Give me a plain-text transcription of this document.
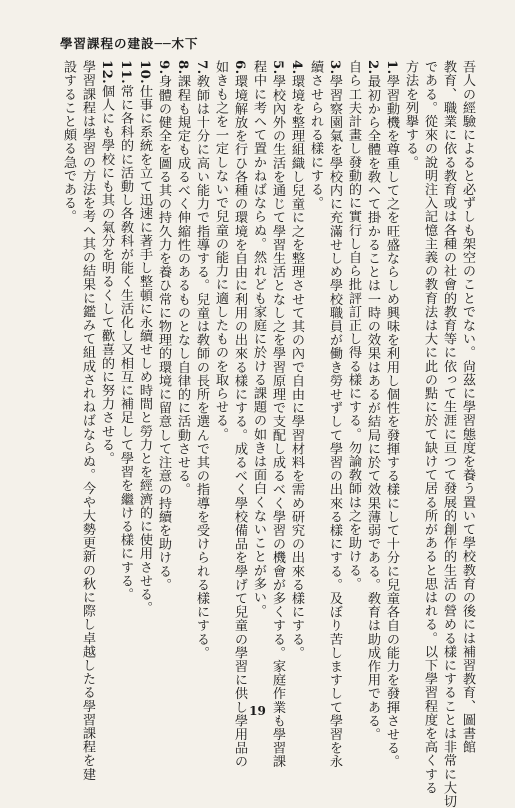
學習課程の建設──木下
吾人の經驗によると必ずしも架空のことでない。尙茲に學習態度を養う置いて學校教育の後には補習教育、圖書館
教育、職業に依る教育或は各種の社會的教育等に依って生涯に亘つて發展的創作的生活の營める樣にすることは非常に大切
である。從來の說明注入記憶主義の教育法は大に此の點に於て缺けて居る所があると思はれる。以下學習程度を高くする
方法を列擧する。
1.學習動機を尊重して之を旺盛ならしめ興味を利用し個性を發揮する樣にして十分に兒童各自の能力を發揮させる。
2.最初から全體を敎へて掛かることは一時の效果はあるが結局に於て效果薄弱である。敎育は助成作用である。
自ら工夫計畫し發動的に實行し自ら批評訂正し得る樣にする。勿論敎師は之を助ける。
3.學習察園氣を學校内に充滿せしめ學校職員が働き勞せずして學習の出來る樣にする。及ぼり苦しますして學習を永
續させられる樣にする。
4.環境を整理組織し兒童に之を整理させて其の內で自由に學習材料を需め研究の出來る樣にする。
5.學校內外の生活を通じて學習生活となし之を學習原理で支配し成るべく學習の機會が多くする。家庭作業も學習課
程中に考へて置かねばならぬ。然れども家庭に於ける課題の如きは面白くないことが多い。
6.環境解放を行ひ各種の環境を自由に利用の出來る樣にする。成るべく學校備品を學げて兒童の學習に供し學用品の
如きも之を一定しないで兒童の能力に適したものを取らせる。
7.敎師は十分に高い能力で指導する。兒童は敎師の長所を選んで其の指導を受けられる樣にする。
8.課程も規定も成るべく伸縮性のあるものとなし自律的に活動させる。
9.身體の健全を圖る其の持久力を養ひ常に物理的環境に留意して注意の持續を助ける。
10.仕事に系統を立て迅速に著手し整頓に永續せしめ時間と勞力とを經濟的に使用させる。
11.常に各科的に活動し各敎科が能く生活化し又相互に補足して學習を繼ける樣にする。
12.個人にも學校にも其の氣分を明るくして歡喜的に努力させる。
學習課程は學習の方法を考へ其の結果に鑑みて組成されねばならぬ。今や大勢更新の秋に際し卓越したる學習課程を建
設すること頗る急である。
19
